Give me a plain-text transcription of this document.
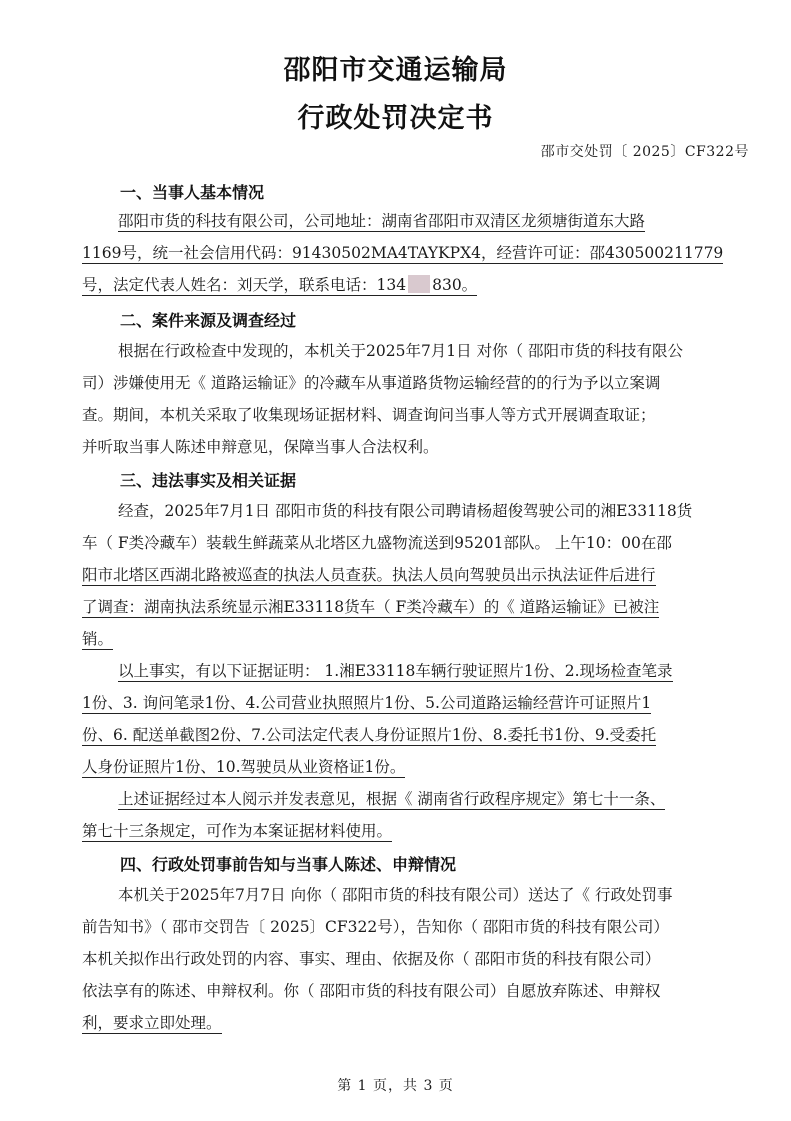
邵阳市交通运输局
行政处罚决定书
邵市交处罚〔 2025〕CF322号
一、当事人基本情况
邵阳市货的科技有限公司，公司地址：湖南省邵阳市双清区龙须塘街道东大路
1169号，统一社会信用代码：91430502MA4TAYKPX4，经营许可证：邵430500211779
号，法定代表人姓名：刘天学，联系电话：134 830。
二、案件来源及调查经过
根据在行政检查中发现的，本机关于2025年7月1日 对你（ 邵阳市货的科技有限公
司）涉嫌使用无《 道路运输证》的冷藏车从事道路货物运输经营的的行为予以立案调
查。期间，本机关采取了收集现场证据材料、调查询问当事人等方式开展调查取证；
并听取当事人陈述申辩意见，保障当事人合法权利。
三、违法事实及相关证据
经查，2025年7月1日 邵阳市货的科技有限公司聘请杨超俊驾驶公司的湘E33118货
车（ F类冷藏车）装载生鲜蔬菜从北塔区九盛物流送到95201部队。 上午10：00在邵
阳市北塔区西湖北路被巡查的执法人员查获。执法人员向驾驶员出示执法证件后进行
了调查：湖南执法系统显示湘E33118货车（ F类冷藏车）的《 道路运输证》已被注
销。
以上事实，有以下证据证明： 1.湘E33118车辆行驶证照片1份、2.现场检查笔录
1份、3. 询问笔录1份、4.公司营业执照照片1份、5.公司道路运输经营许可证照片1
份、6. 配送单截图2份、7.公司法定代表人身份证照片1份、8.委托书1份、9.受委托
人身份证照片1份、10.驾驶员从业资格证1份。
上述证据经过本人阅示并发表意见，根据《 湖南省行政程序规定》第七十一条、
第七十三条规定，可作为本案证据材料使用。
四、行政处罚事前告知与当事人陈述、申辩情况
本机关于2025年7月7日 向你（ 邵阳市货的科技有限公司）送达了《 行政处罚事
前告知书》（ 邵市交罚告〔 2025〕CF322号），告知你（ 邵阳市货的科技有限公司）
本机关拟作出行政处罚的内容、事实、理由、依据及你（ 邵阳市货的科技有限公司）
依法享有的陈述、申辩权利。你（ 邵阳市货的科技有限公司）自愿放弃陈述、申辩权
利，要求立即处理。
第 1 页，共 3 页
